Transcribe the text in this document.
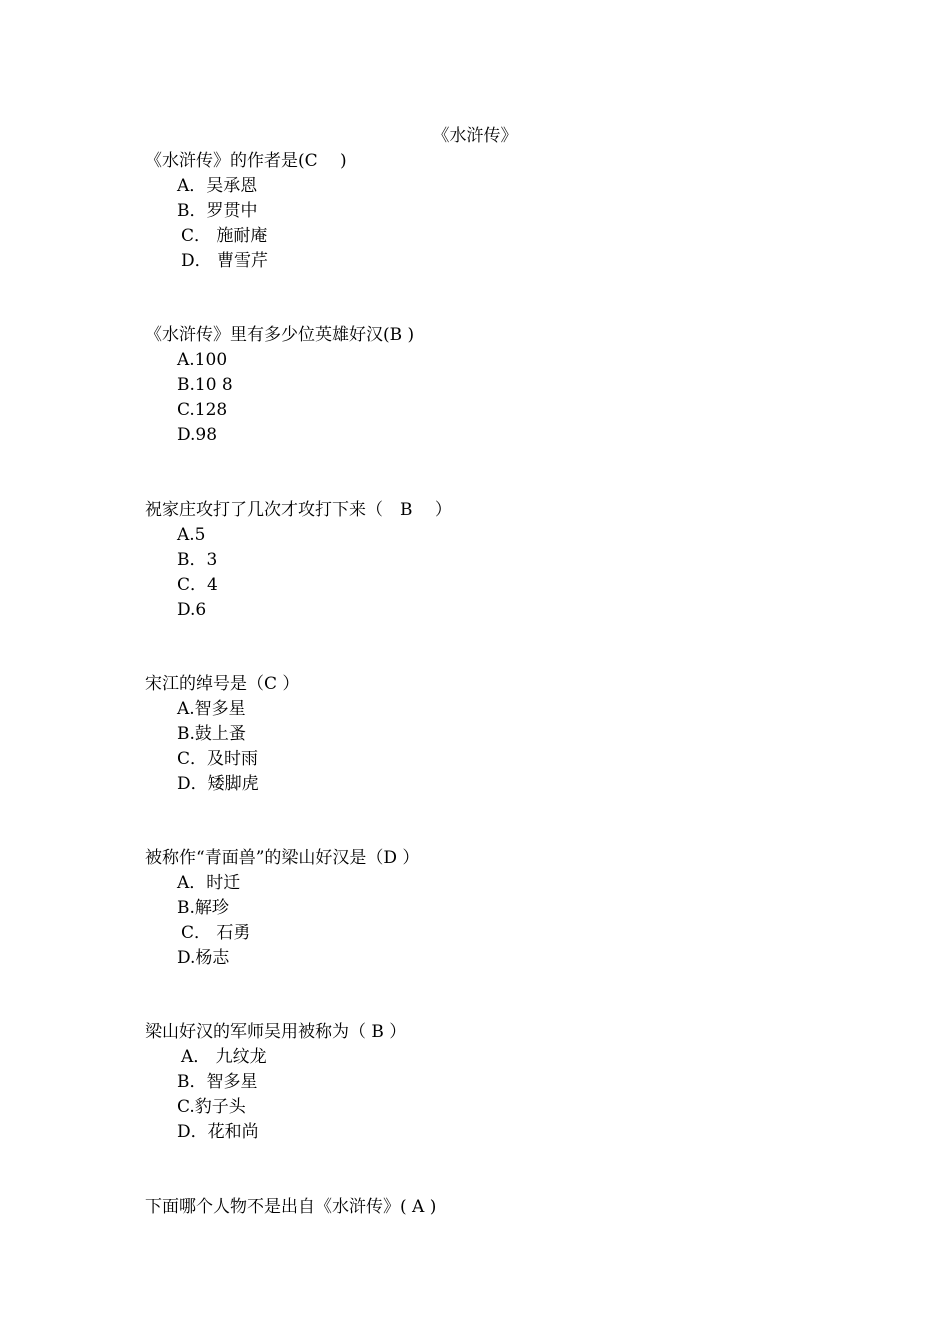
《水浒传》
《水浒传》的作者是(C　 )
A．吴承恩
B．罗贯中
C． 施耐庵
D． 曹雪芹
《水浒传》里有多少位英雄好汉(B )
A.100
B.10 8
C.128
D.98
祝家庄攻打了几次才攻打下来（　B　 ）
A.5
B．3
C．4
D.6
宋江的绰号是（C ）
A.智多星
B.鼓上蚤
C．及时雨
D．矮脚虎
被称作“青面兽”的梁山好汉是（D ）
A．时迁
B.解珍
C． 石勇
D.杨志
梁山好汉的军师吴用被称为（ B ）
A． 九纹龙
B．智多星
C.豹子头
D．花和尚
下面哪个人物不是出自《水浒传》( A )
